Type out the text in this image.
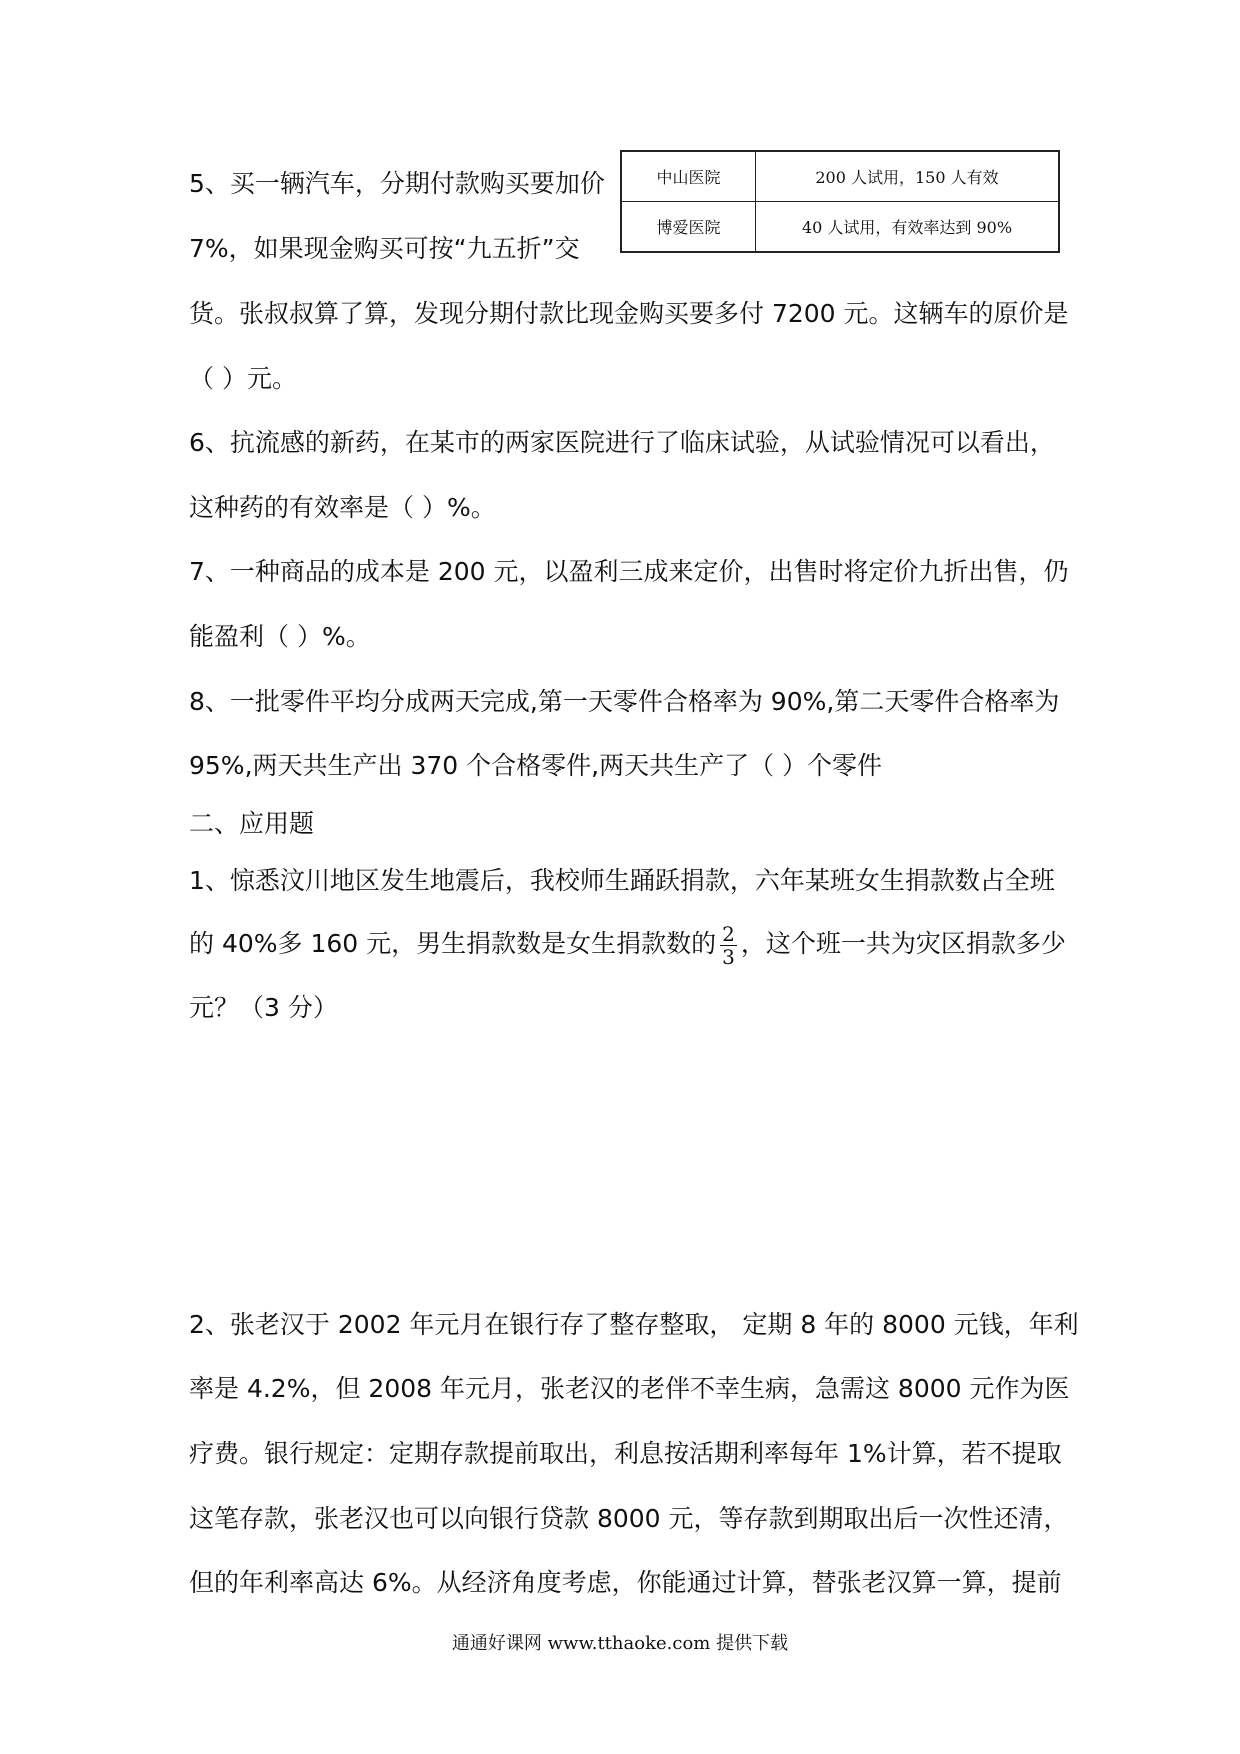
中山医院	200 人试用，150 人有效
博爱医院	40 人试用，有效率达到 90%
5、买一辆汽车，分期付款购买要加价
7%，如果现金购买可按“九五折”交
货。张叔叔算了算，发现分期付款比现金购买要多付 7200 元。这辆车的原价是
（ ）元。
6、抗流感的新药，在某市的两家医院进行了临床试验，从试验情况可以看出，
这种药的有效率是（ ）%。
7、一种商品的成本是 200 元，以盈利三成来定价，出售时将定价九折出售，仍
能盈利（ ）%。
8、一批零件平均分成两天完成,第一天零件合格率为 90%,第二天零件合格率为
95%,两天共生产出 370 个合格零件,两天共生产了（ ）个零件
二、应用题
1、惊悉汶川地区发生地震后，我校师生踊跃捐款，六年某班女生捐款数占全班
的 40%多 160 元，男生捐款数是女生捐款数的 $\frac{2}{3}$ ，这个班一共为灾区捐款多少
元？（3 分）
2、张老汉于 2002 年元月在银行存了整存整取， 定期 8 年的 8000 元钱，年利
率是 4.2%，但 2008 年元月，张老汉的老伴不幸生病，急需这 8000 元作为医
疗费。银行规定：定期存款提前取出，利息按活期利率每年 1%计算，若不提取
这笔存款，张老汉也可以向银行贷款 8000 元，等存款到期取出后一次性还清，
但的年利率高达 6%。从经济角度考虑，你能通过计算，替张老汉算一算，提前
通通好课网 www.tthaoke.com 提供下载
